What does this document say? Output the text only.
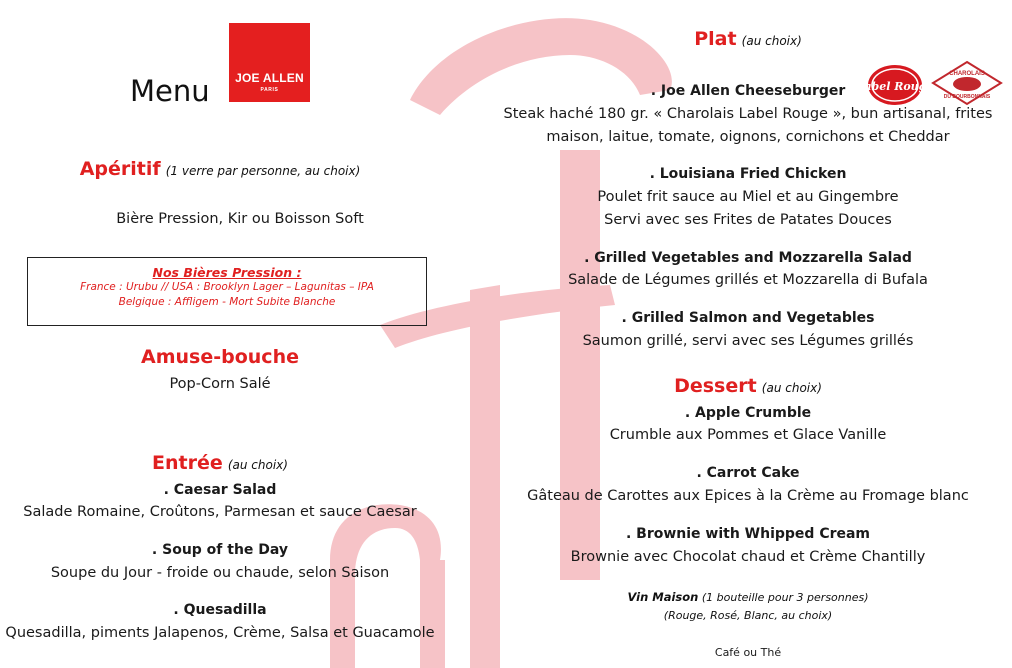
Menu	JOE ALLEN
PARIS
Apéritif (1 verre par personne, au choix)
Bière Pression, Kir ou Boisson Soft
Nos Bières Pression :
France : Urubu // USA : Brooklyn Lager – Lagunitas – IPA
Belgique : Affligem - Mort Subite Blanche
Amuse-bouche
Pop-Corn Salé
Entrée (au choix)
. Caesar Salad
Salade Romaine, Croûtons, Parmesan et sauce Caesar
. Soup of the Day
Soupe du Jour - froide ou chaude, selon Saison
. Quesadilla
Quesadilla, piments Jalapenos, Crème, Salsa et Guacamole
Plat (au choix)
Label Rouge
CHAROLAIS
DU BOURBONNAIS
. Joe Allen Cheeseburger
Steak haché 180 gr. « Charolais Label Rouge », bun artisanal, frites
maison, laitue, tomate, oignons, cornichons et Cheddar
. Louisiana Fried Chicken
Poulet frit sauce au Miel et au Gingembre
Servi avec ses Frites de Patates Douces
. Grilled Vegetables and Mozzarella Salad
Salade de Légumes grillés et Mozzarella di Bufala
. Grilled Salmon and Vegetables
Saumon grillé, servi avec ses Légumes grillés
Dessert (au choix)
. Apple Crumble
Crumble aux Pommes et Glace Vanille
. Carrot Cake
Gâteau de Carottes aux Epices à la Crème au Fromage blanc
. Brownie with Whipped Cream
Brownie avec Chocolat chaud et Crème Chantilly
Vin Maison (1 bouteille pour 3 personnes)
(Rouge, Rosé, Blanc, au choix)
Café ou Thé
